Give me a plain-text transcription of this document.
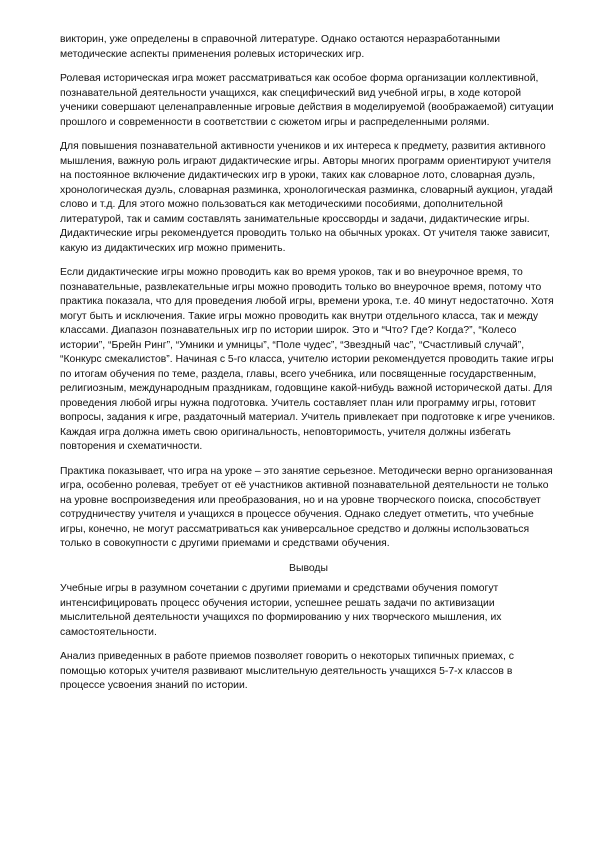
викторин, уже определены в справочной литературе. Однако остаются неразработанными методические аспекты применения ролевых исторических игр.

Ролевая историческая игра может рассматриваться как особое форма организации коллективной, познавательной деятельности учащихся, как специфический вид учебной игры, в ходе которой ученики совершают целенаправленные игровые действия в моделируемой (воображаемой) ситуации прошлого и современности в соответствии с сюжетом игры и распределенными ролями.

Для повышения познавательной активности учеников и их интереса к предмету, развития активного мышления, важную роль играют дидактические игры. Авторы многих программ ориентируют учителя на постоянное включение дидактических игр в уроки, таких как словарное лото, словарная дуэль, хронологическая дуэль, словарная разминка, хронологическая разминка, словарный аукцион, угадай слово и т.д. Для этого можно пользоваться как методическими пособиями, дополнительной литературой, так и самим составлять занимательные кроссворды и задачи, дидактические игры. Дидактические игры рекомендуется проводить только на обычных уроках. От учителя также зависит, какую из дидактических игр можно применить.

Если дидактические игры можно проводить как во время уроков, так и во внеурочное время, то познавательные, развлекательные игры можно проводить только во внеурочное время, потому что практика показала, что для проведения любой игры, времени урока, т.е. 40 минут недостаточно. Хотя могут быть и исключения. Такие игры можно проводить как внутри отдельного класса, так и между классами. Диапазон познавательных игр по истории широк. Это и “Что? Где? Когда?”, “Колесо истории”, “Брейн Ринг”, “Умники и умницы”, “Поле чудес”, “Звездный час”, “Счастливый случай”, “Конкурс смекалистов”. Начиная с 5-го класса, учителю истории рекомендуется проводить такие игры по итогам обучения по теме, раздела, главы, всего учебника, или посвященные государственным, религиозным, международным праздникам, годовщине какой-нибудь важной исторической даты. Для проведения любой игры нужна подготовка. Учитель составляет план или программу игры, готовит вопросы, задания к игре, раздаточный материал. Учитель привлекает при подготовке к игре учеников. Каждая игра должна иметь свою оригинальность, неповторимость, учителя должны избегать повторения и схематичности.

Практика показывает, что игра на уроке – это занятие серьезное. Методически верно организованная игра, особенно ролевая, требует от её участников активной познавательной деятельности не только на уровне воспроизведения или преобразования, но и на уровне творческого поиска, способствует сотрудничеству учителя и учащихся в процессе обучения. Однако следует отметить, что учебные игры, конечно, не могут рассматриваться как универсальное средство и должны использоваться только в совокупности с другими приемами и средствами обучения.

Выводы

Учебные игры в разумном сочетании с другими приемами и средствами обучения помогут интенсифицировать процесс обучения истории, успешнее решать задачи по активизации мыслительной деятельности учащихся по формированию у них творческого мышления, их самостоятельности.

Анализ приведенных в работе приемов позволяет говорить о некоторых типичных приемах, с помощью которых учителя развивают мыслительную деятельность учащихся 5-7-х классов в процессе усвоения знаний по истории.
